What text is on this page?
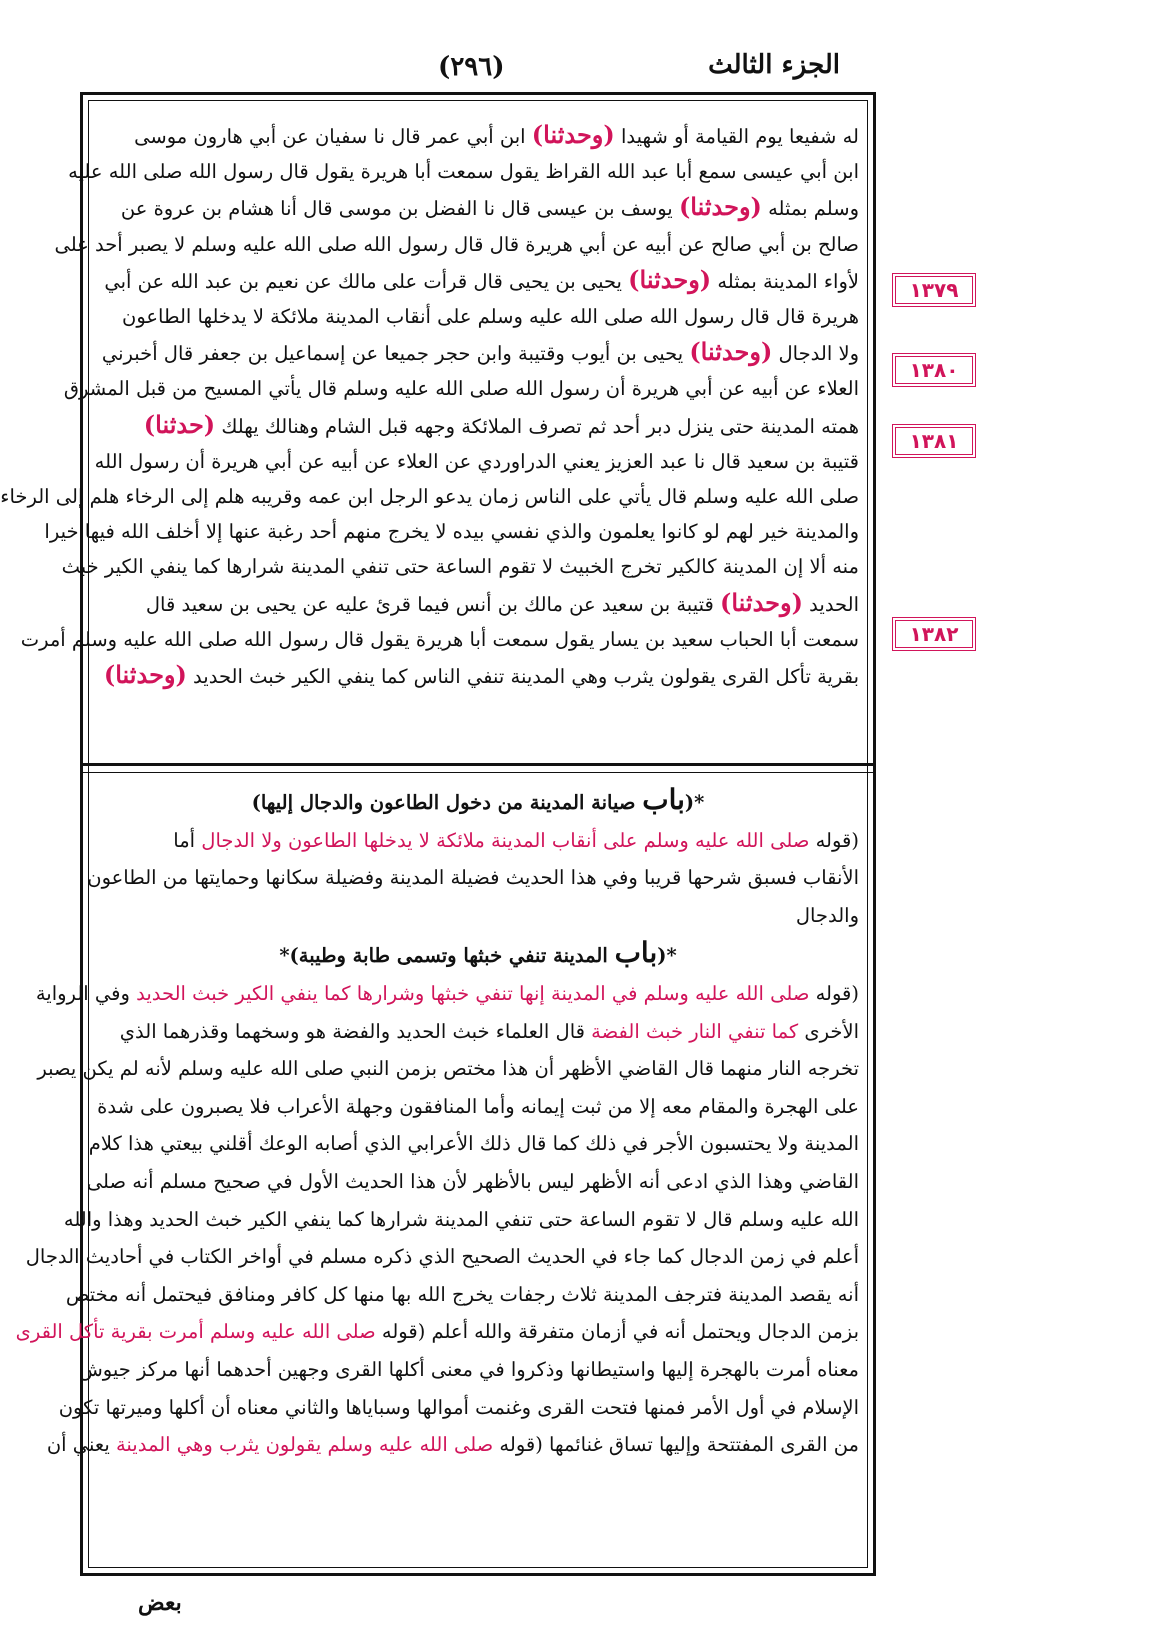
الجزء الثالث
(٢٩٦)
له شفيعا يوم القيامة أو شهيدا (وحدثنا) ابن أبي عمر قال نا سفيان عن أبي هارون موسى
ابن أبي عيسى سمع أبا عبد الله القراظ يقول سمعت أبا هريرة يقول قال رسول الله صلى الله عليه
وسلم بمثله (وحدثنا) يوسف بن عيسى قال نا الفضل بن موسى قال أنا هشام بن عروة عن
صالح بن أبي صالح عن أبيه عن أبي هريرة قال قال رسول الله صلى الله عليه وسلم لا يصبر أحد على
لأواء المدينة بمثله (وحدثنا) يحيى بن يحيى قال قرأت على مالك عن نعيم بن عبد الله عن أبي
هريرة قال قال رسول الله صلى الله عليه وسلم على أنقاب المدينة ملائكة لا يدخلها الطاعون
ولا الدجال (وحدثنا) يحيى بن أيوب وقتيبة وابن حجر جميعا عن إسماعيل بن جعفر قال أخبرني
العلاء عن أبيه عن أبي هريرة أن رسول الله صلى الله عليه وسلم قال يأتي المسيح من قبل المشرق
همته المدينة حتى ينزل دبر أحد ثم تصرف الملائكة وجهه قبل الشام وهنالك يهلك (حدثنا)
قتيبة بن سعيد قال نا عبد العزيز يعني الدراوردي عن العلاء عن أبيه عن أبي هريرة أن رسول الله
صلى الله عليه وسلم قال يأتي على الناس زمان يدعو الرجل ابن عمه وقريبه هلم إلى الرخاء هلم إلى الرخاء
والمدينة خير لهم لو كانوا يعلمون والذي نفسي بيده لا يخرج منهم أحد رغبة عنها إلا أخلف الله فيها خيرا
منه ألا إن المدينة كالكير تخرج الخبيث لا تقوم الساعة حتى تنفي المدينة شرارها كما ينفي الكير خبث
الحديد (وحدثنا) قتيبة بن سعيد عن مالك بن أنس فيما قرئ عليه عن يحيى بن سعيد قال
سمعت أبا الحباب سعيد بن يسار يقول سمعت أبا هريرة يقول قال رسول الله صلى الله عليه وسلم أمرت
بقرية تأكل القرى يقولون يثرب وهي المدينة تنفي الناس كما ينفي الكير خبث الحديد (وحدثنا)
*(باب صيانة المدينة من دخول الطاعون والدجال إليها)
(قوله صلى الله عليه وسلم على أنقاب المدينة ملائكة لا يدخلها الطاعون ولا الدجال أما
الأنقاب فسبق شرحها قريبا وفي هذا الحديث فضيلة المدينة وفضيلة سكانها وحمايتها من الطاعون
والدجال
*(باب المدينة تنفي خبثها وتسمى طابة وطيبة)*
(قوله صلى الله عليه وسلم في المدينة إنها تنفي خبثها وشرارها كما ينفي الكير خبث الحديد وفي الرواية
الأخرى كما تنفي النار خبث الفضة قال العلماء خبث الحديد والفضة هو وسخهما وقذرهما الذي
تخرجه النار منهما قال القاضي الأظهر أن هذا مختص بزمن النبي صلى الله عليه وسلم لأنه لم يكن يصبر
على الهجرة والمقام معه إلا من ثبت إيمانه وأما المنافقون وجهلة الأعراب فلا يصبرون على شدة
المدينة ولا يحتسبون الأجر في ذلك كما قال ذلك الأعرابي الذي أصابه الوعك أقلني بيعتي هذا كلام
القاضي وهذا الذي ادعى أنه الأظهر ليس بالأظهر لأن هذا الحديث الأول في صحيح مسلم أنه صلى
الله عليه وسلم قال لا تقوم الساعة حتى تنفي المدينة شرارها كما ينفي الكير خبث الحديد وهذا والله
أعلم في زمن الدجال كما جاء في الحديث الصحيح الذي ذكره مسلم في أواخر الكتاب في أحاديث الدجال
أنه يقصد المدينة فترجف المدينة ثلاث رجفات يخرج الله بها منها كل كافر ومنافق فيحتمل أنه مختص
بزمن الدجال ويحتمل أنه في أزمان متفرقة والله أعلم (قوله صلى الله عليه وسلم أمرت بقرية تأكل القرى
معناه أمرت بالهجرة إليها واستيطانها وذكروا في معنى أكلها القرى وجهين أحدهما أنها مركز جيوش
الإسلام في أول الأمر فمنها فتحت القرى وغنمت أموالها وسباياها والثاني معناه أن أكلها وميرتها تكون
من القرى المفتتحة وإليها تساق غنائمها (قوله صلى الله عليه وسلم يقولون يثرب وهي المدينة يعني أن
١٣٧٩
١٣٨٠
١٣٨١
١٣٨٢
بعض
